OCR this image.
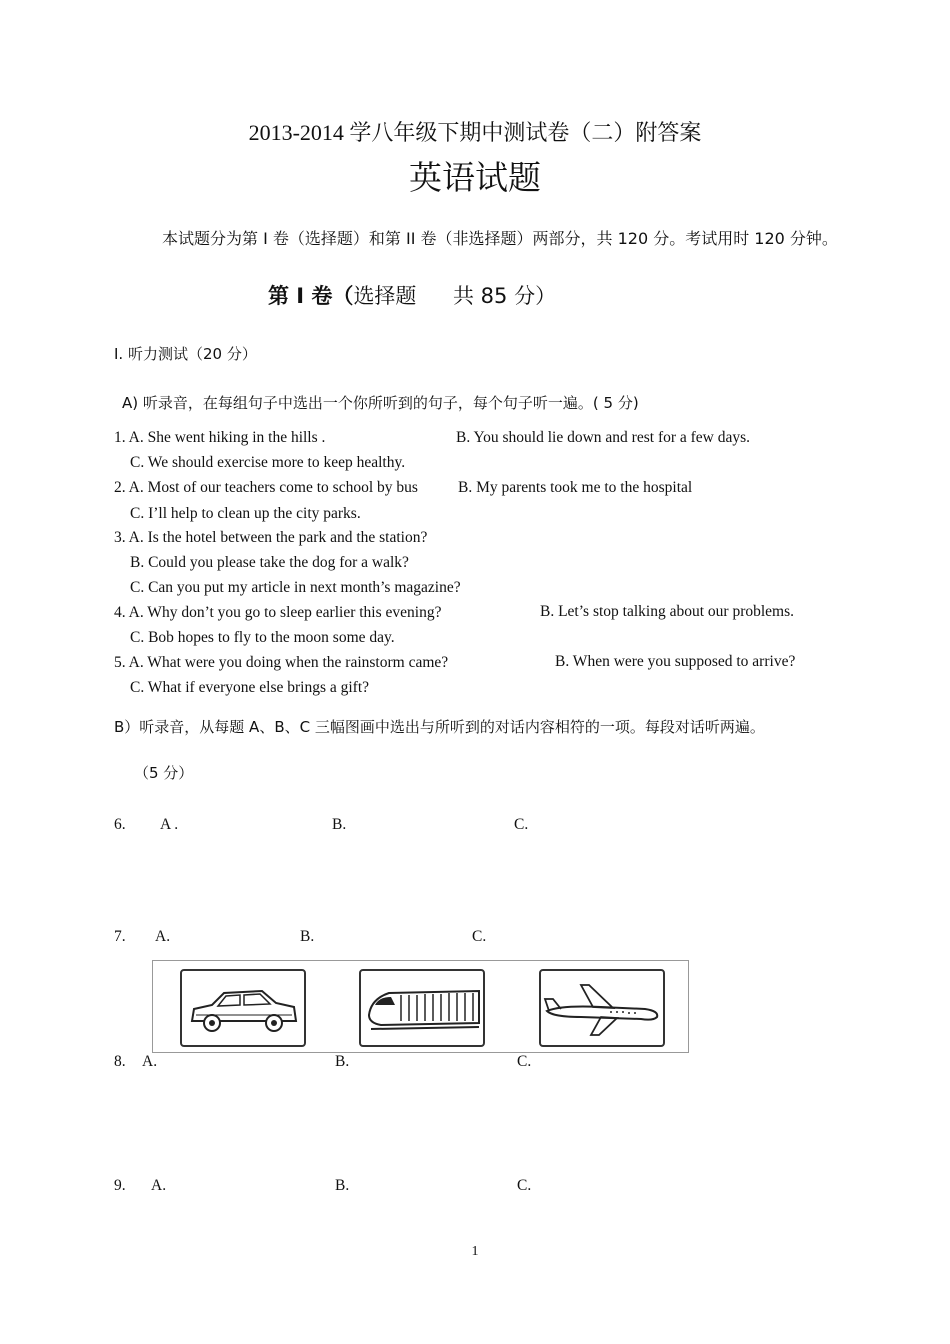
2013-2014 学八年级下期中测试卷（二）附答案
英语试题
本试题分为第 I 卷（选择题）和第 II 卷（非选择题）两部分，共 120 分。考试用时 120 分钟。
第 I 卷（选择题 共 85 分）
I. 听力测试（20 分）
A) 听录音，在每组句子中选出一个你所听到的句子，每个句子听一遍。( 5 分)
1. A. She went hiking in the hills .	B. You should lie down and rest for a few days.
C. We should exercise more to keep healthy.
2. A. Most of our teachers come to school by bus	B. My parents took me to the hospital
C. I’ll help to clean up the city parks.
3. A. Is the hotel between the park and the station?
B. Could you please take the dog for a walk?
C. Can you put my article in next month’s magazine?
4. A. Why don’t you go to sleep earlier this evening?	B. Let’s stop talking about our problems.
C. Bob hopes to fly to the moon some day.
5. A. What were you doing when the rainstorm came?	B. When were you supposed to arrive?
C. What if everyone else brings a gift?
B）听录音，从每题 A、B、C 三幅图画中选出与所听到的对话内容相符的一项。每段对话听两遍。
（5 分）
6. A .	B.	C.
7. A.	B.	C.
8. A.	B.	C.
9. A.	B.	C.
1
